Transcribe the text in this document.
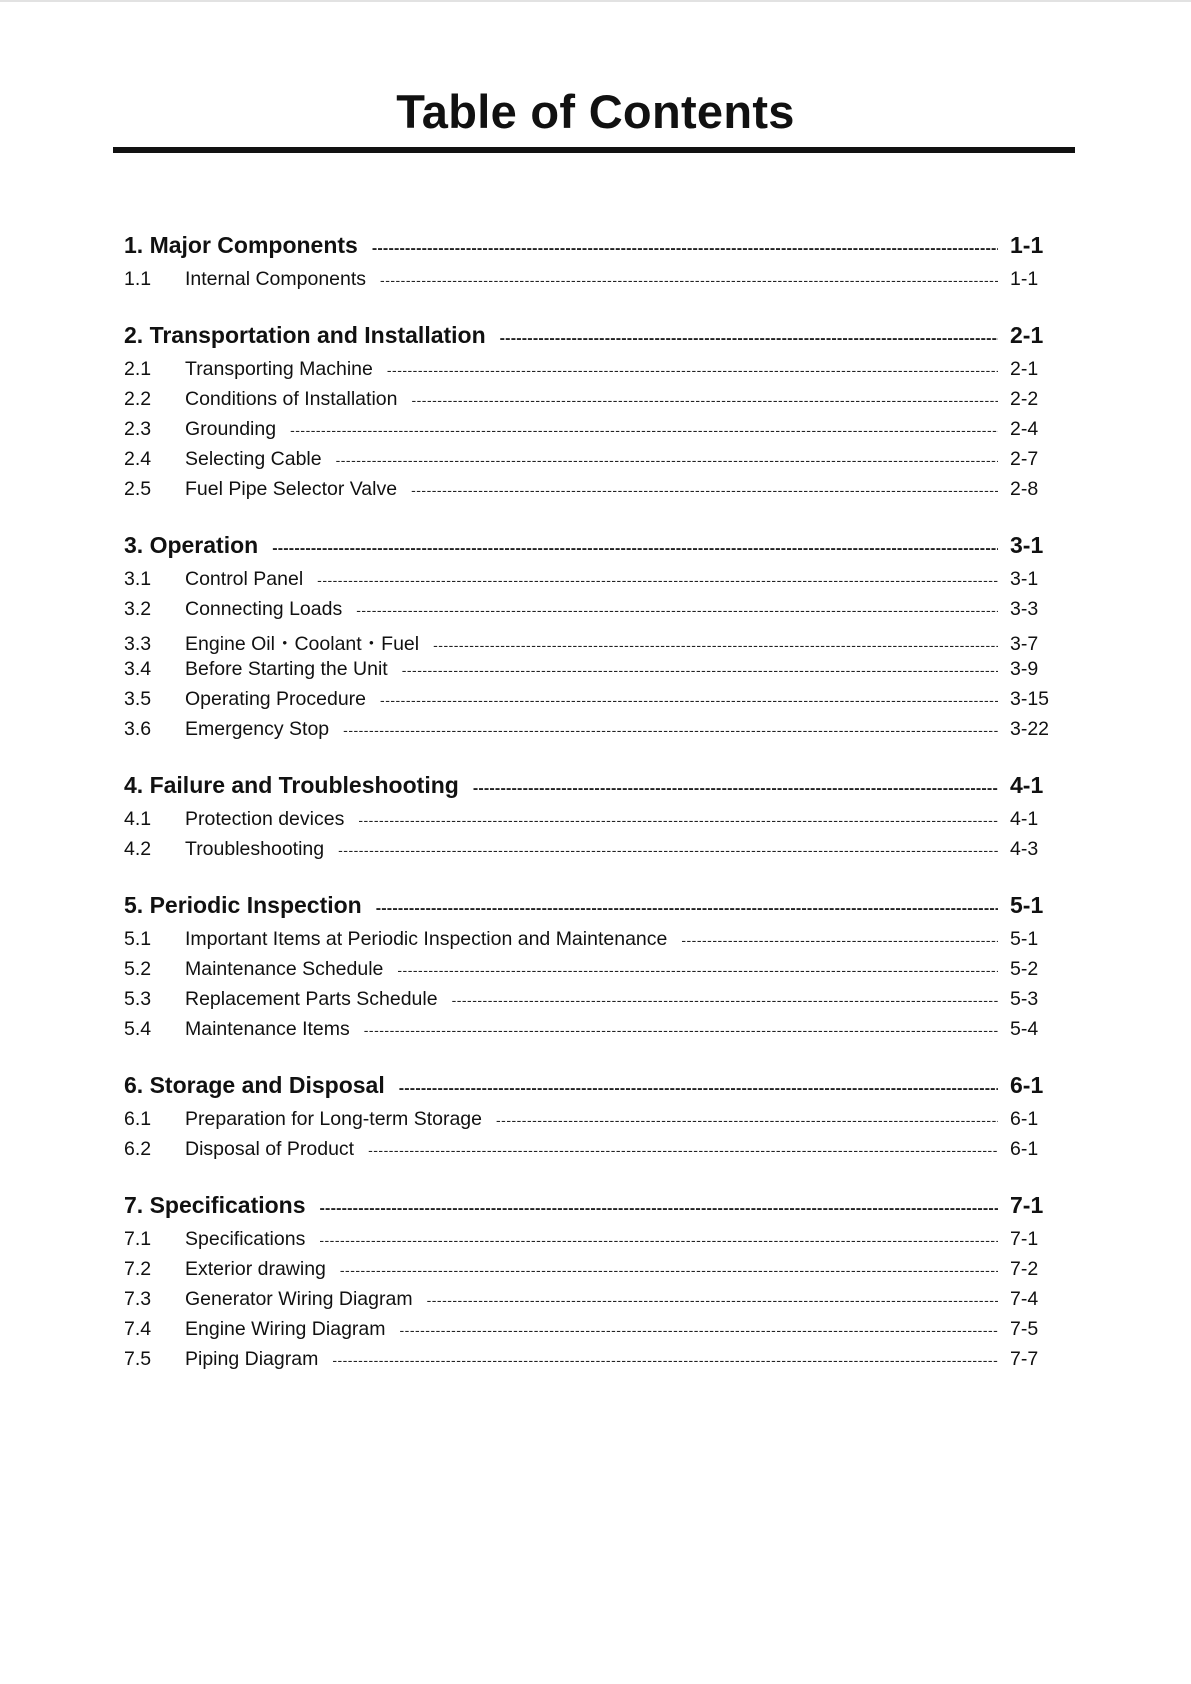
Table of Contents
1. Major Components -----	1-1
1.1	Internal Components -----	1-1
2. Transportation and Installation -----	2-1
2.1	Transporting Machine -----	2-1
2.2	Conditions of Installation -----	2-2
2.3	Grounding -----	2-4
2.4	Selecting Cable -----	2-7
2.5	Fuel Pipe Selector Valve -----	2-8
3. Operation -----	3-1
3.1	Control Panel -----	3-1
3.2	Connecting Loads -----	3-3
3.3	Engine Oil・Coolant・Fuel -----	3-7
3.4	Before Starting the Unit -----	3-9
3.5	Operating Procedure -----	3-15
3.6	Emergency Stop -----	3-22
4. Failure and Troubleshooting -----	4-1
4.1	Protection devices -----	4-1
4.2	Troubleshooting -----	4-3
5. Periodic Inspection -----	5-1
5.1	Important Items at Periodic Inspection and Maintenance -----	5-1
5.2	Maintenance Schedule -----	5-2
5.3	Replacement Parts Schedule -----	5-3
5.4	Maintenance Items -----	5-4
6. Storage and Disposal -----	6-1
6.1	Preparation for Long-term Storage -----	6-1
6.2	Disposal of Product -----	6-1
7. Specifications -----	7-1
7.1	Specifications -----	7-1
7.2	Exterior drawing -----	7-2
7.3	Generator Wiring Diagram -----	7-4
7.4	Engine Wiring Diagram -----	7-5
7.5	Piping Diagram -----	7-7
